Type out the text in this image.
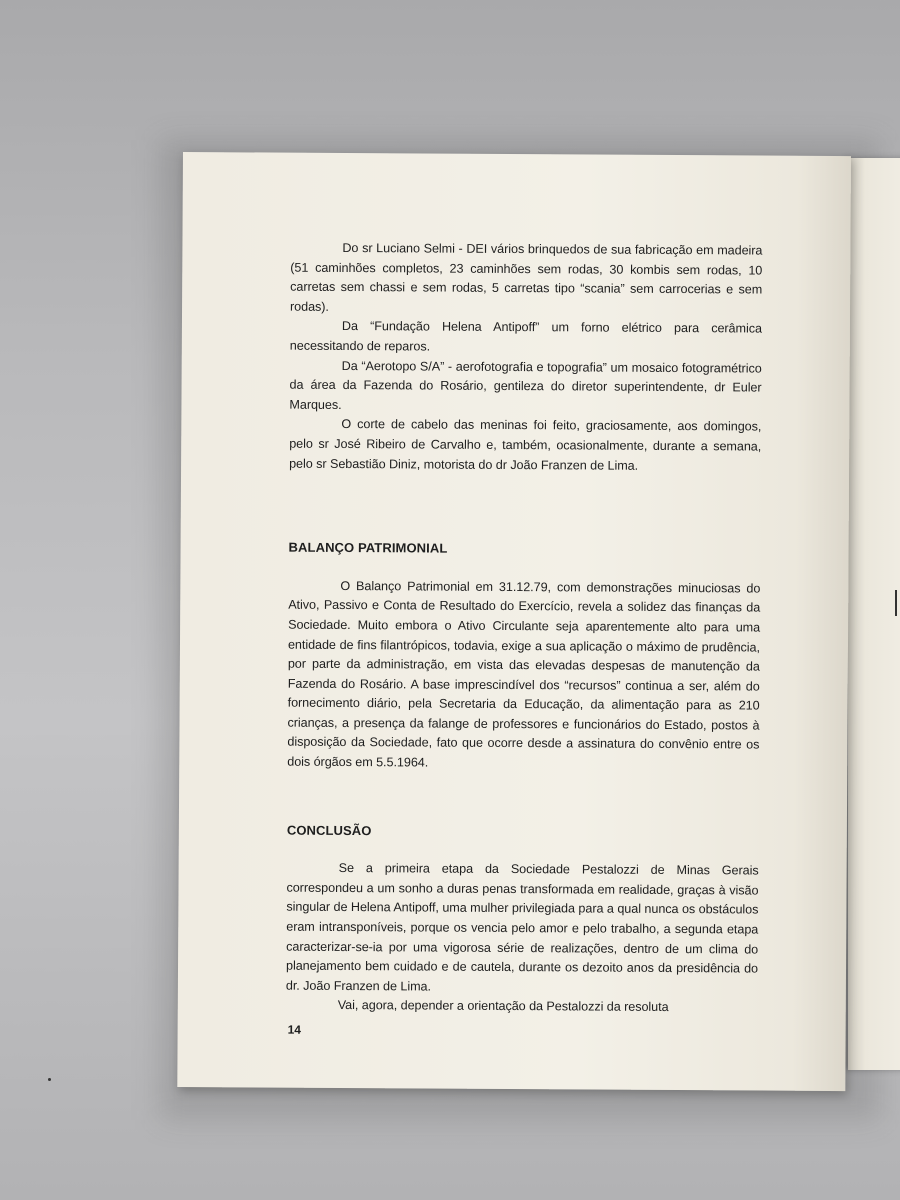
Do sr Luciano Selmi - DEI vários brinquedos de sua fabricação em madeira (51 caminhões completos, 23 caminhões sem rodas, 30 kombis sem rodas, 10 carretas sem chassi e sem rodas, 5 carretas tipo “scania” sem carrocerias e sem rodas).

Da “Fundação Helena Antipoff” um forno elétrico para cerâmica necessitando de reparos.

Da “Aerotopo S/A” - aerofotografia e topografia” um mosaico fotogramétrico da área da Fazenda do Rosário, gentileza do diretor superintendente, dr Euler Marques.

O corte de cabelo das meninas foi feito, graciosamente, aos domingos, pelo sr José Ribeiro de Carvalho e, também, ocasionalmente, durante a semana, pelo sr Sebastião Diniz, motorista do dr João Franzen de Lima.

BALANÇO PATRIMONIAL

O Balanço Patrimonial em 31.12.79, com demonstrações minuciosas do Ativo, Passivo e Conta de Resultado do Exercício, revela a solidez das finanças da Sociedade. Muito embora o Ativo Circulante seja aparentemente alto para uma entidade de fins filantrópicos, todavia, exige a sua aplicação o máximo de prudência, por parte da administração, em vista das elevadas despesas de manutenção da Fazenda do Rosário. A base imprescindível dos “recursos” continua a ser, além do fornecimento diário, pela Secretaria da Educação, da alimentação para as 210 crianças, a presença da falange de professores e funcionários do Estado, postos à disposição da Sociedade, fato que ocorre desde a assinatura do convênio entre os dois órgãos em 5.5.1964.

CONCLUSÃO

Se a primeira etapa da Sociedade Pestalozzi de Minas Gerais correspondeu a um sonho a duras penas transformada em realidade, graças à visão singular de Helena Antipoff, uma mulher privilegiada para a qual nunca os obstáculos eram intransponíveis, porque os vencia pelo amor e pelo trabalho, a segunda etapa caracterizar-se-ia por uma vigorosa série de realizações, dentro de um clima do planejamento bem cuidado e de cautela, durante os dezoito anos da presidência do dr. João Franzen de Lima.

Vai, agora, depender a orientação da Pestalozzi da resoluta

14
